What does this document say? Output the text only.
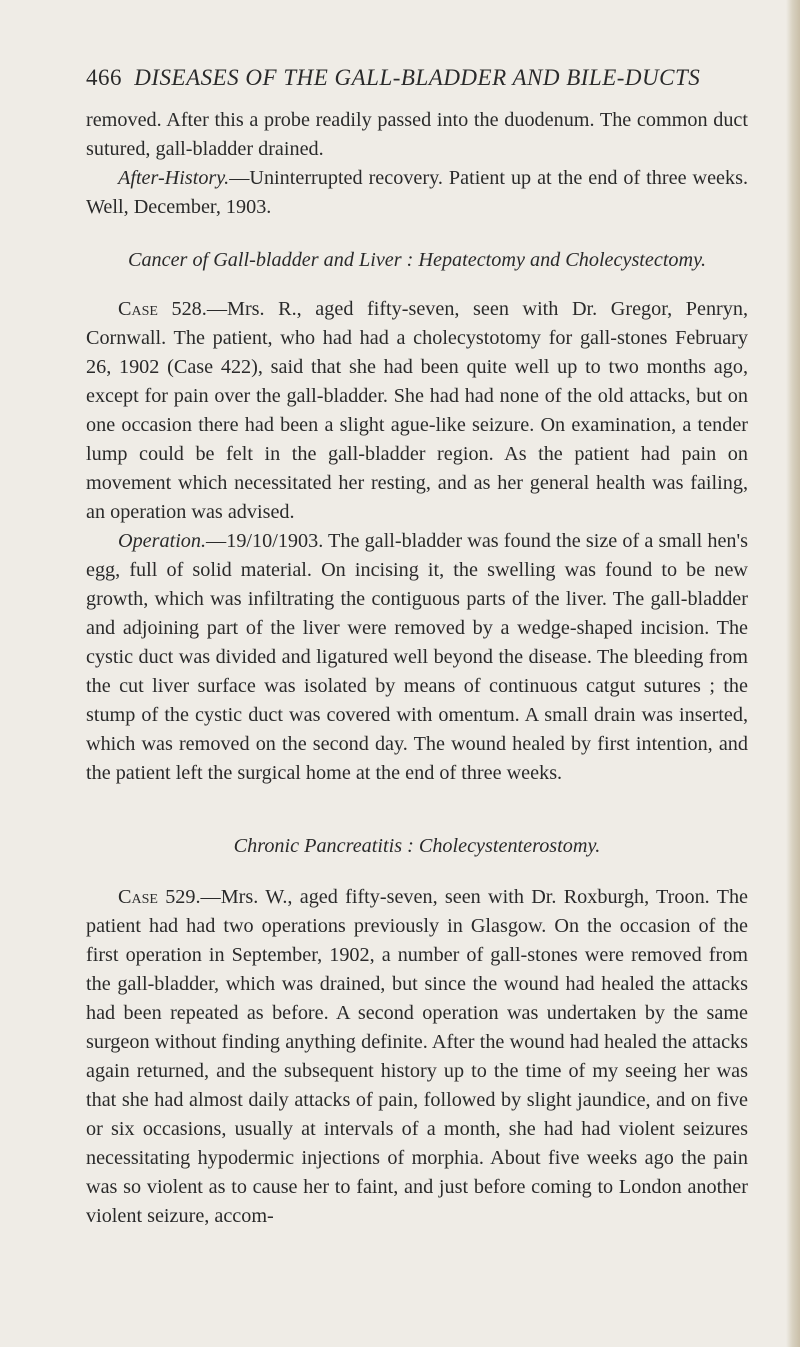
466 DISEASES OF THE GALL-BLADDER AND BILE-DUCTS

removed. After this a probe readily passed into the duodenum. The common duct sutured, gall-bladder drained.

After-History.—Uninterrupted recovery. Patient up at the end of three weeks. Well, December, 1903.

Cancer of Gall-bladder and Liver : Hepatectomy and Cholecystectomy.

Case 528.—Mrs. R., aged fifty-seven, seen with Dr. Gregor, Penryn, Cornwall. The patient, who had had a cholecystotomy for gall-stones February 26, 1902 (Case 422), said that she had been quite well up to two months ago, except for pain over the gall-bladder. She had had none of the old attacks, but on one occasion there had been a slight ague-like seizure. On examination, a tender lump could be felt in the gall-bladder region. As the patient had pain on movement which necessitated her resting, and as her general health was failing, an operation was advised.

Operation.—19/10/1903. The gall-bladder was found the size of a small hen's egg, full of solid material. On incising it, the swelling was found to be new growth, which was infiltrating the contiguous parts of the liver. The gall-bladder and adjoining part of the liver were removed by a wedge-shaped incision. The cystic duct was divided and ligatured well beyond the disease. The bleeding from the cut liver surface was isolated by means of continuous catgut sutures ; the stump of the cystic duct was covered with omentum. A small drain was inserted, which was removed on the second day. The wound healed by first intention, and the patient left the surgical home at the end of three weeks.

Chronic Pancreatitis : Cholecystenterostomy.

Case 529.—Mrs. W., aged fifty-seven, seen with Dr. Roxburgh, Troon. The patient had had two operations previously in Glasgow. On the occasion of the first operation in September, 1902, a number of gall-stones were removed from the gall-bladder, which was drained, but since the wound had healed the attacks had been repeated as before. A second operation was undertaken by the same surgeon without finding anything definite. After the wound had healed the attacks again returned, and the subsequent history up to the time of my seeing her was that she had almost daily attacks of pain, followed by slight jaundice, and on five or six occasions, usually at intervals of a month, she had had violent seizures necessitating hypodermic injections of morphia. About five weeks ago the pain was so violent as to cause her to faint, and just before coming to London another violent seizure, accom-
